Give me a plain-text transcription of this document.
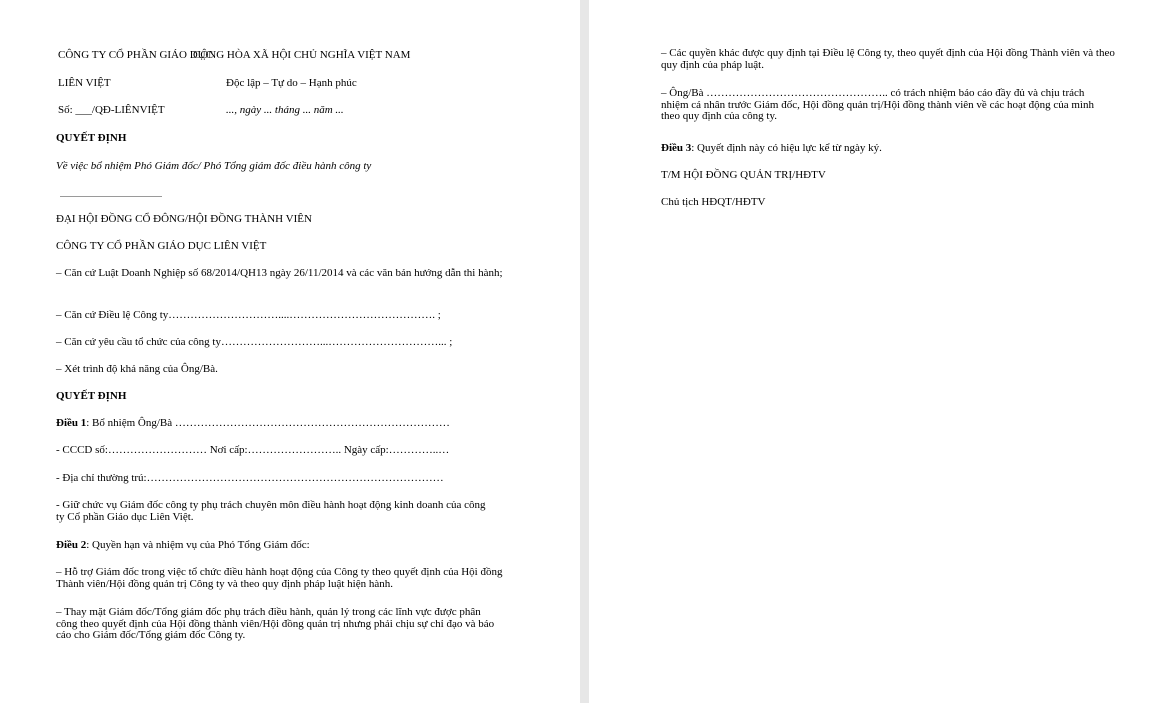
CÔNG TY CỔ PHẦN GIÁO DỤC
CỘNG HÒA XÃ HỘI CHỦ NGHĨA VIỆT NAM
LIÊN VIỆT	Độc lập – Tự do – Hạnh phúc
Số: ___/QĐ-LIÊNVIỆT	..., ngày ... tháng ... năm ...
QUYẾT ĐỊNH
Về việc bổ nhiệm Phó Giám đốc/ Phó Tổng giám đốc điều hành công ty
ĐẠI HỘI ĐỒNG CỔ ĐÔNG/HỘI ĐỒNG THÀNH VIÊN
CÔNG TY CỔ PHẦN GIÁO DỤC LIÊN VIỆT
– Căn cứ Luật Doanh Nghiệp số 68/2014/QH13 ngày 26/11/2014 và các văn bản hướng dẫn thi hành;
– Căn cứ Điều lệ Công ty…………………………....…………………………………. ;
– Căn cứ yêu cầu tổ chức của công ty………………………...…………………………... ;
– Xét trình độ khả năng của Ông/Bà.
QUYẾT ĐỊNH
Điều 1: Bổ nhiệm Ông/Bà …………………………………………………………………
- CCCD số:……………………… Nơi cấp:…………………….. Ngày cấp:…………..…
- Địa chỉ thường trú:………………………………………………………………………
- Giữ chức vụ Giám đốc công ty phụ trách chuyên môn điều hành hoạt động kinh doanh của công ty Cổ phần Giáo dục Liên Việt.
Điều 2: Quyền hạn và nhiệm vụ của Phó Tổng Giám đốc:
– Hỗ trợ Giám đốc trong việc tổ chức điều hành hoạt động của Công ty theo quyết định của Hội đồng Thành viên/Hội đồng quản trị Công ty và theo quy định pháp luật hiện hành.
– Thay mặt Giám đốc/Tổng giám đốc phụ trách điều hành, quản lý trong các lĩnh vực được phân công theo quyết định của Hội đồng thành viên/Hội đồng quản trị nhưng phải chịu sự chỉ đạo và báo cáo cho Giám đốc/Tổng giám đốc Công ty.
– Các quyền khác được quy định tại Điều lệ Công ty, theo quyết định của Hội đồng Thành viên và theo quy định của pháp luật.
– Ông/Bà ………………………………………….. có trách nhiệm báo cáo đầy đủ và chịu trách nhiệm cá nhân trước Giám đốc, Hội đồng quản trị/Hội đồng thành viên về các hoạt động của mình theo quy định của công ty.
Điều 3: Quyết định này có hiệu lực kể từ ngày ký.
T/M HỘI ĐỒNG QUẢN TRỊ/HĐTV
Chủ tịch HĐQT/HĐTV
